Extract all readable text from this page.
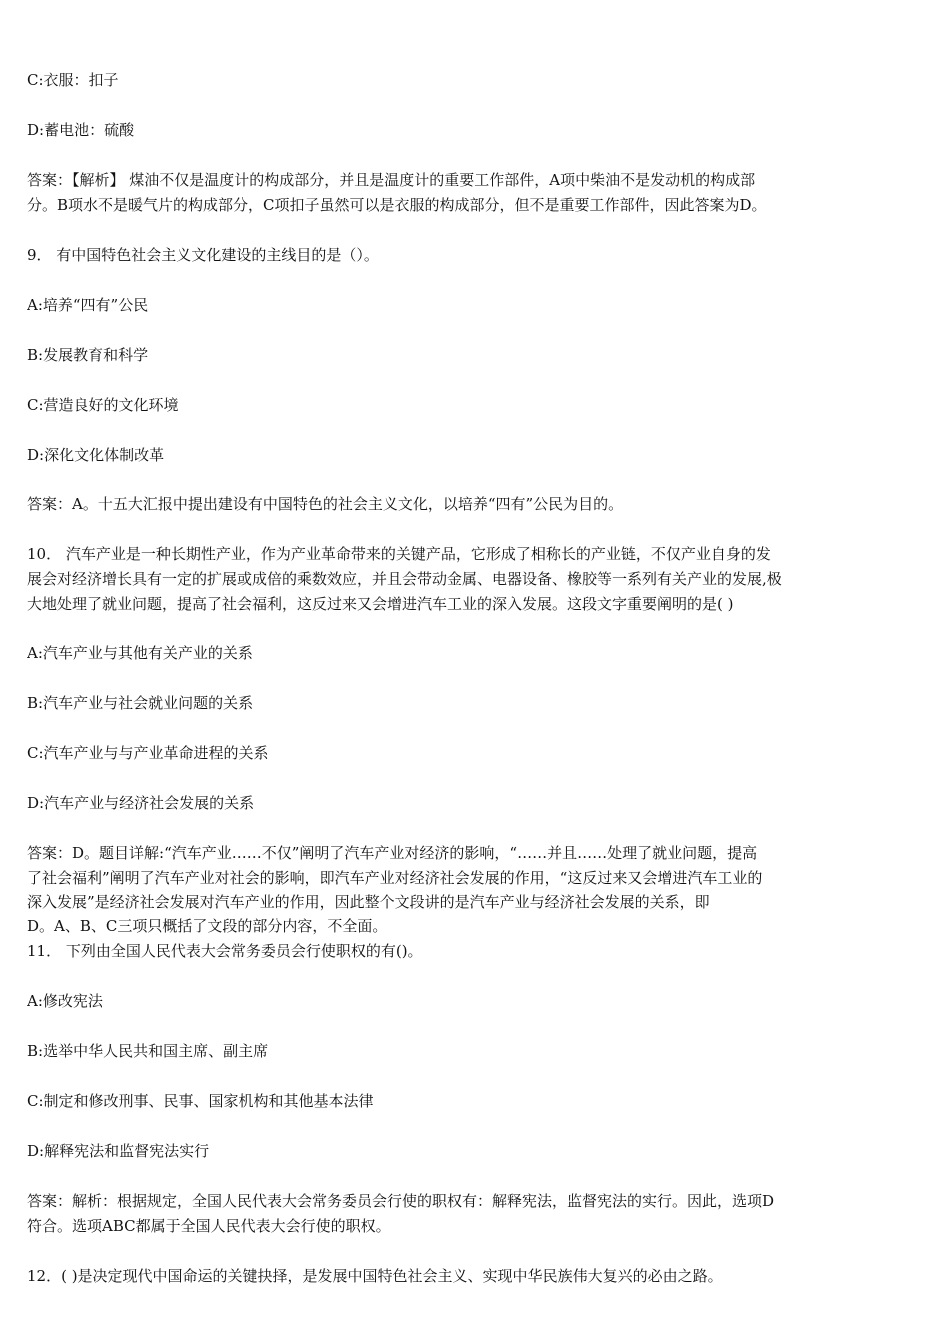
C:衣服：扣子
D:蓄电池：硫酸
答案：【解析】 煤油不仅是温度计的构成部分，并且是温度计的重要工作部件，A项中柴油不是发动机的构成部
分。B项水不是暖气片的构成部分，C项扣子虽然可以是衣服的构成部分，但不是重要工作部件，因此答案为D。
9． 有中国特色社会主义文化建设的主线目的是（）。
A:培养“四有”公民
B:发展教育和科学
C:营造良好的文化环境
D:深化文化体制改革
答案：A。十五大汇报中提出建设有中国特色的社会主义文化，以培养“四有”公民为目的。
10． 汽车产业是一种长期性产业，作为产业革命带来的关键产品，它形成了相称长的产业链，不仅产业自身的发
展会对经济增长具有一定的扩展或成倍的乘数效应，并且会带动金属、电器设备、橡胶等一系列有关产业的发展,极
大地处理了就业问题，提高了社会福利，这反过来又会增进汽车工业的深入发展。这段文字重要阐明的是( )
A:汽车产业与其他有关产业的关系
B:汽车产业与社会就业问题的关系
C:汽车产业与与产业革命进程的关系
D:汽车产业与经济社会发展的关系
答案：D。题目详解:“汽车产业……不仅”阐明了汽车产业对经济的影响，“……并且……处理了就业问题，提高
了社会福利”阐明了汽车产业对社会的影响，即汽车产业对经济社会发展的作用，“这反过来又会增进汽车工业的
深入发展”是经济社会发展对汽车产业的作用，因此整个文段讲的是汽车产业与经济社会发展的关系，即
D。A、B、C三项只概括了文段的部分内容，不全面。
11． 下列由全国人民代表大会常务委员会行使职权的有()。
A:修改宪法
B:选举中华人民共和国主席、副主席
C:制定和修改刑事、民事、国家机构和其他基本法律
D:解释宪法和监督宪法实行
答案：解析：根据规定，全国人民代表大会常务委员会行使的职权有：解释宪法，监督宪法的实行。因此，选项D
符合。选项ABC都属于全国人民代表大会行使的职权。
12．( )是决定现代中国命运的关键抉择，是发展中国特色社会主义、实现中华民族伟大复兴的必由之路。
